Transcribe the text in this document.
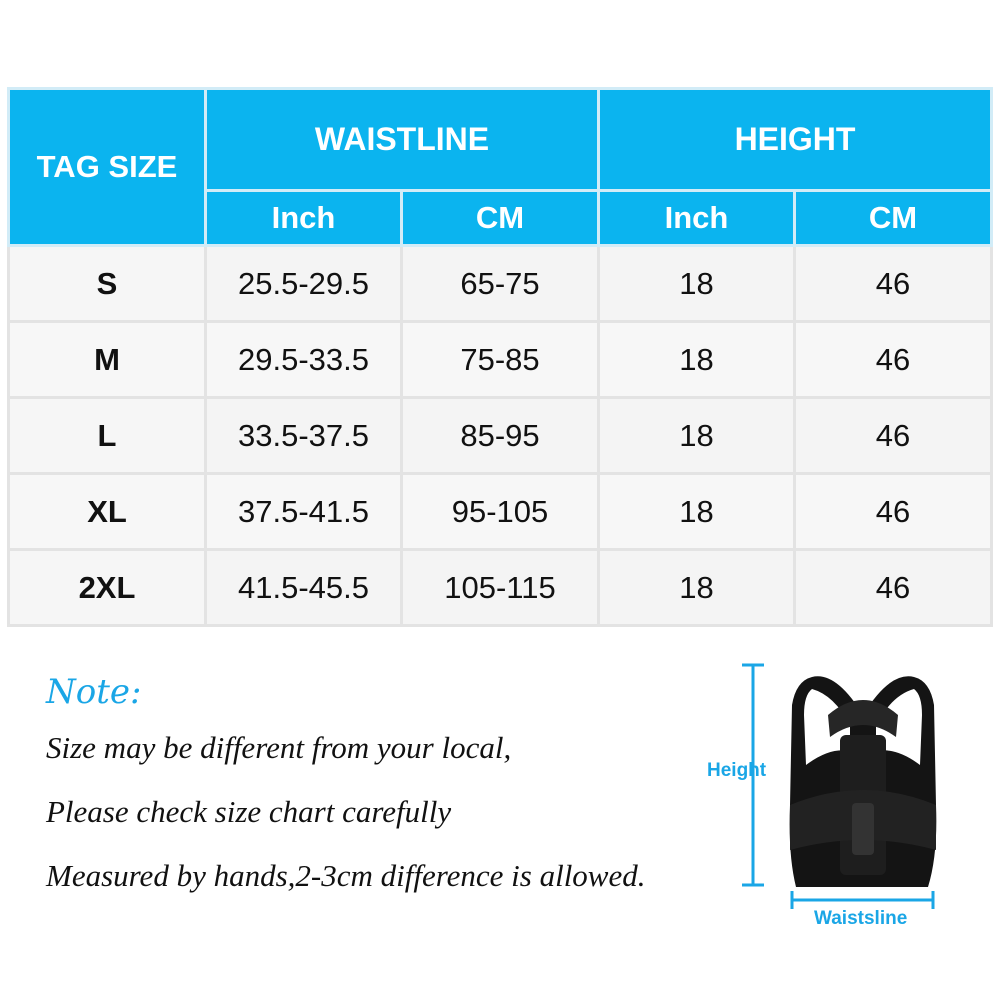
TAG SIZE	WAISTLINE		HEIGHT	
	Inch	CM	Inch	CM
S	25.5-29.5	65-75	18	46
M	29.5-33.5	75-85	18	46
L	33.5-37.5	85-95	18	46
XL	37.5-41.5	95-105	18	46
2XL	41.5-45.5	105-115	18	46
Note:

Size may be different from your local,

Please check size chart carefully

Measured by hands,2-3cm difference is allowed.

Height
Waistsline
